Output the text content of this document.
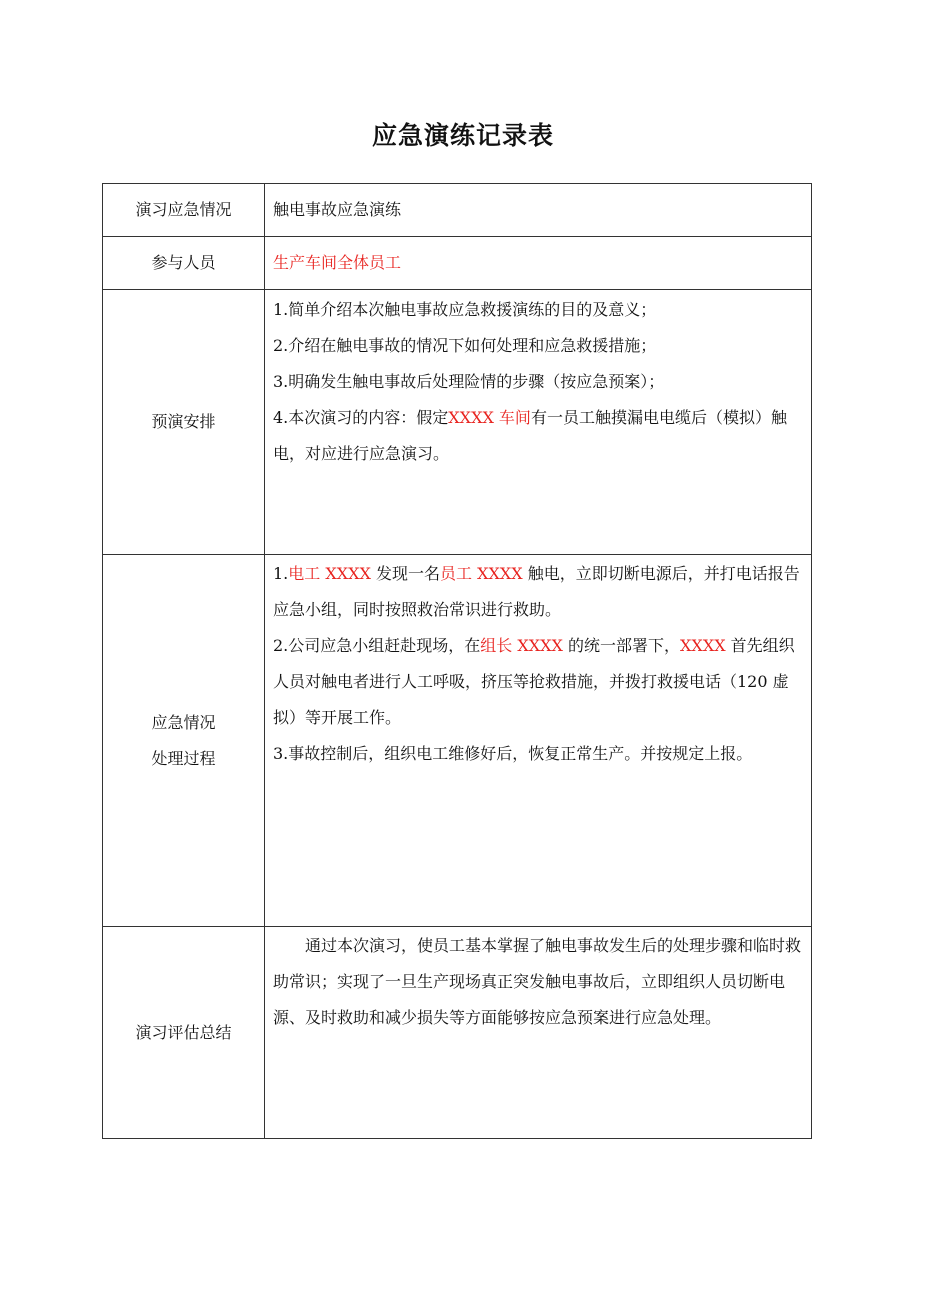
应急演练记录表
演习应急情况	触电事故应急演练
参与人员	生产车间全体员工
预演安排	1.简单介绍本次触电事故应急救援演练的目的及意义；
2.介绍在触电事故的情况下如何处理和应急救援措施；
3.明确发生触电事故后处理险情的步骤（按应急预案）；
4.本次演习的内容：假定XXXX 车间有一员工触摸漏电电缆后（模拟）触电，对应进行应急演习。

应急情况
处理过程	1.电工 XXXX 发现一名员工 XXXX 触电，立即切断电源后，并打电话报告应急小组，同时按照救治常识进行救助。
2.公司应急小组赶赴现场，在组长 XXXX 的统一部署下，XXXX 首先组织人员对触电者进行人工呼吸，挤压等抢救措施，并拨打救援电话（120 虚拟）等开展工作。
3.事故控制后，组织电工维修好后，恢复正常生产。并按规定上报。

演习评估总结	通过本次演习，使员工基本掌握了触电事故发生后的处理步骤和临时救助常识；实现了一旦生产现场真正突发触电事故后，立即组织人员切断电源、及时救助和减少损失等方面能够按应急预案进行应急处理。
